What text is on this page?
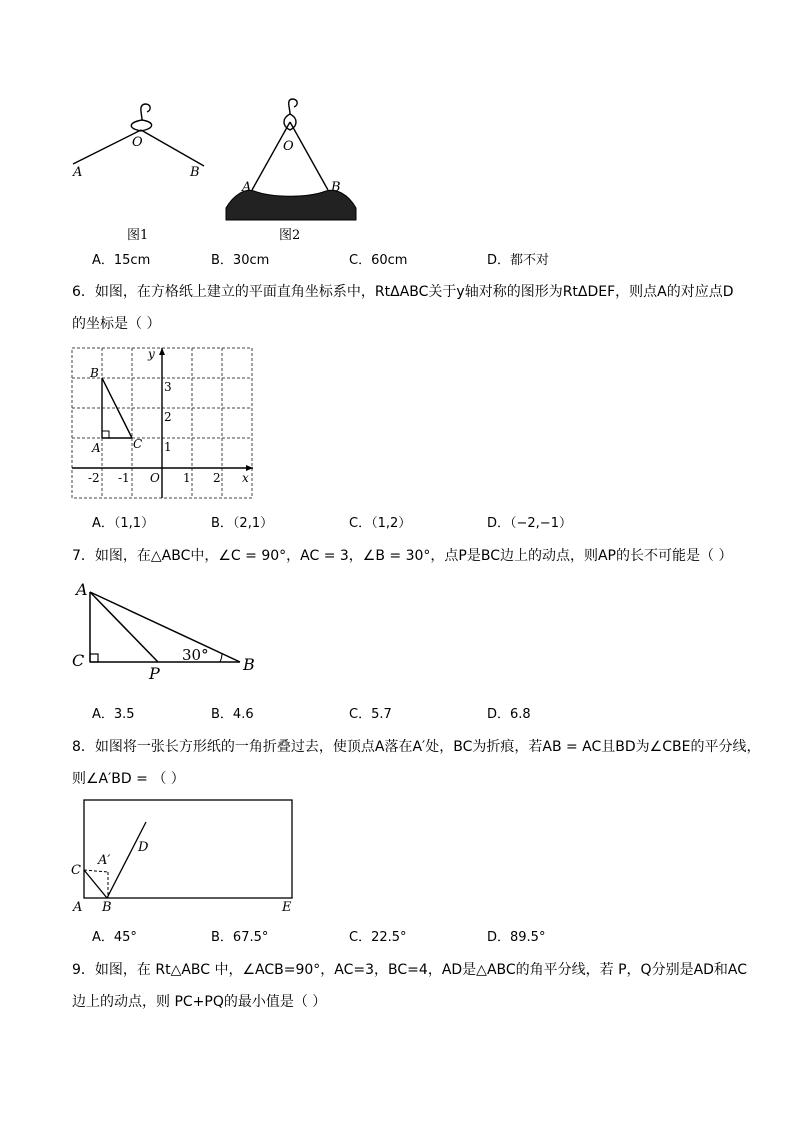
O
A	B
图1
O
A	B
图2
A．15cm	B．30cm	C．60cm	D．都不对
6．如图，在方格纸上建立的平面直角坐标系中，RtΔABC关于y轴对称的图形为RtΔDEF，则点A的对应点D
的坐标是（ ）
B
A	C
y
3
2
1
-2 -1 O 1 2 x
A．（1,1）	B．（2,1）	C．（1,2）	D．（−2,−1）
7．如图，在△ABC中，∠C = 90°，AC = 3，∠B = 30°，点P是BC边上的动点，则AP的长不可能是（ ）
A
C
P	B
30°
A．3.5	B．4.6	C．5.7	D．6.8
8．如图将一张长方形纸的一角折叠过去，使顶点A落在A′处，BC为折痕，若AB = AC且BD为∠CBE的平分线，
则∠A′BD = （ ）
C
A′
D
A B	E
A．45°	B．67.5°	C．22.5°	D．89.5°
9．如图，在 Rt△ABC 中，∠ACB=90°，AC=3，BC=4，AD是△ABC的角平分线，若 P，Q分别是AD和AC
边上的动点，则 PC+PQ的最小值是（ ）
